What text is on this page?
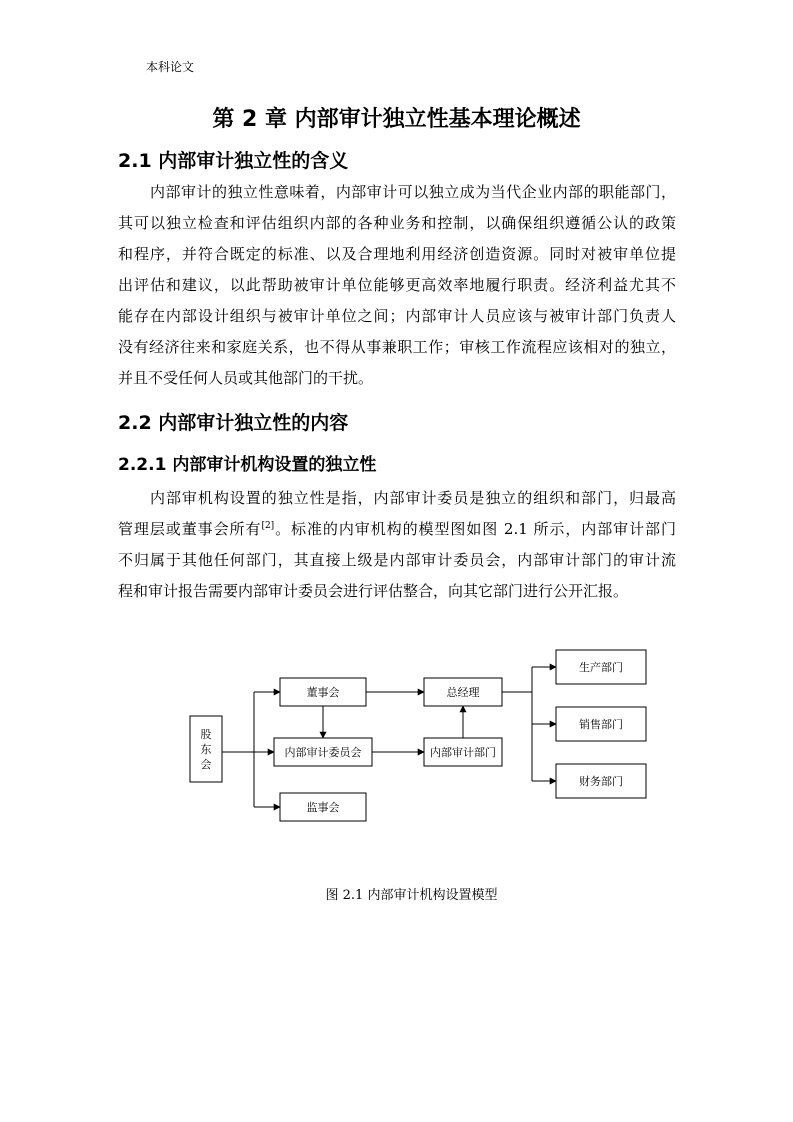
本科论文
第 2 章 内部审计独立性基本理论概述
2.1 内部审计独立性的含义
内部审计的独立性意味着，内部审计可以独立成为当代企业内部的职能部门，
其可以独立检查和评估组织内部的各种业务和控制，以确保组织遵循公认的政策
和程序，并符合既定的标准、以及合理地利用经济创造资源。同时对被审单位提
出评估和建议，以此帮助被审计单位能够更高效率地履行职责。经济利益尤其不
能存在内部设计组织与被审计单位之间；内部审计人员应该与被审计部门负责人
没有经济往来和家庭关系，也不得从事兼职工作；审核工作流程应该相对的独立，
并且不受任何人员或其他部门的干扰。
2.2 内部审计独立性的内容
2.2.1 内部审计机构设置的独立性
内部审机构设置的独立性是指，内部审计委员是独立的组织和部门，归最高
管理层或董事会所有[2]。标准的内审机构的模型图如图 2.1 所示，内部审计部门
不归属于其他任何部门，其直接上级是内部审计委员会，内部审计部门的审计流
程和审计报告需要内部审计委员会进行评估整合，向其它部门进行公开汇报。
股
东
会
董事会
内部审计委员会
监事会
总经理
内部审计部门
生产部门
销售部门
财务部门
图 2.1 内部审计机构设置模型
